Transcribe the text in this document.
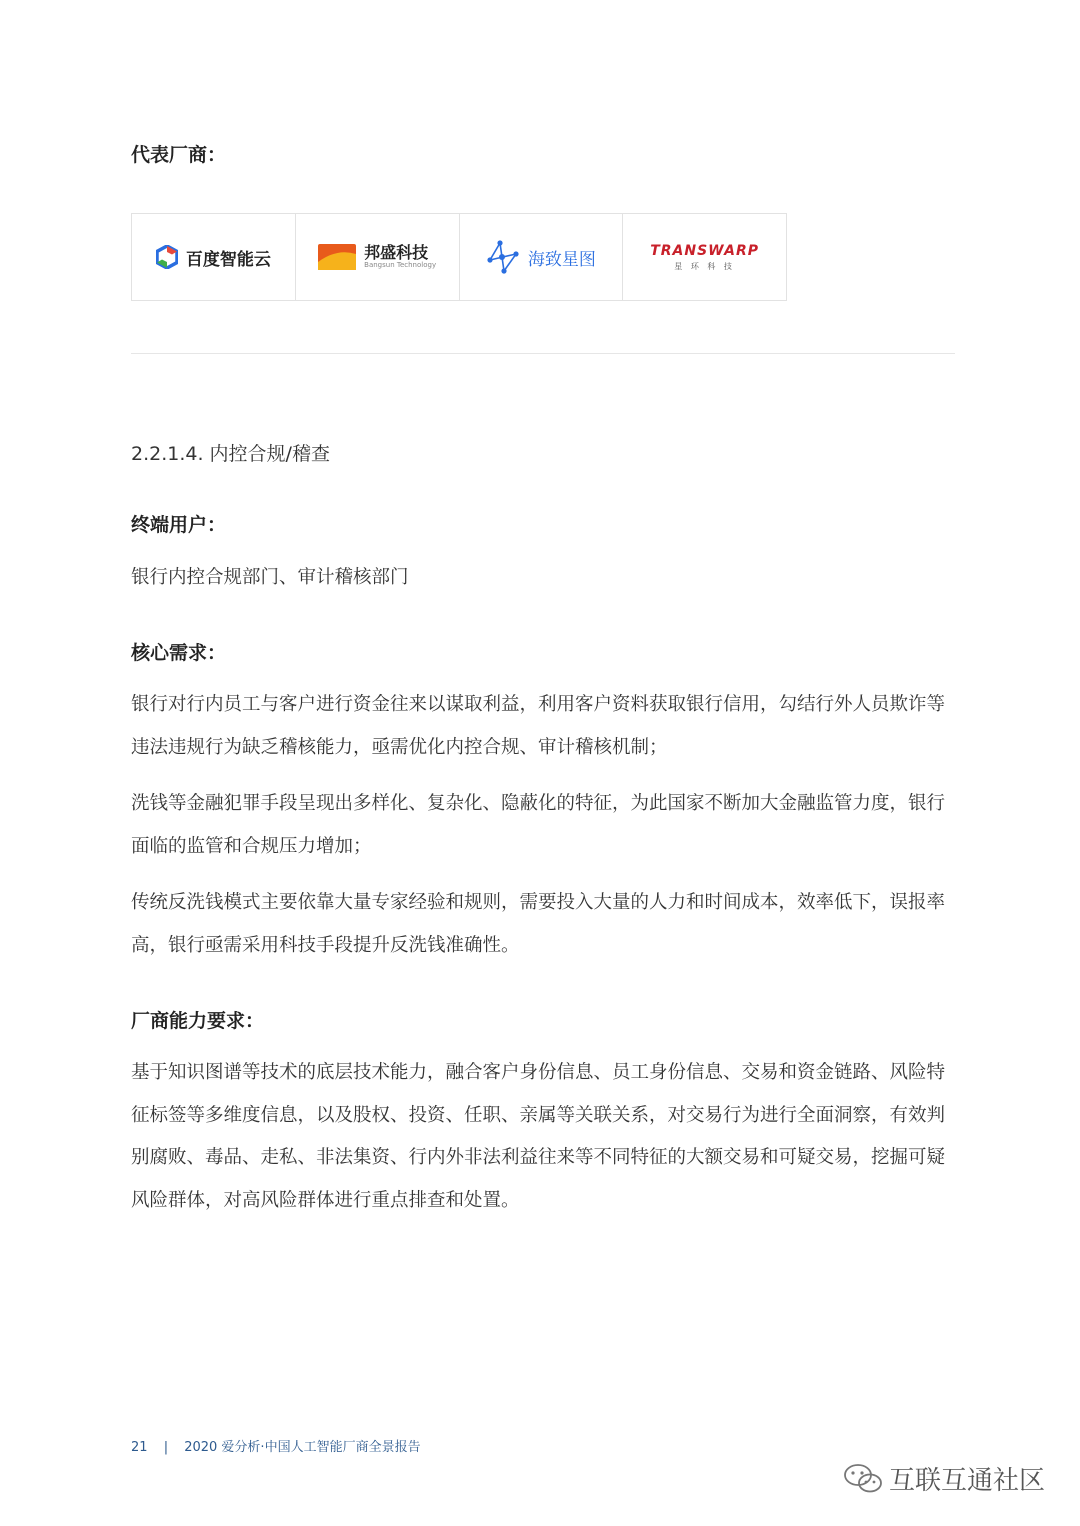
代表厂商：
百度智能云	邦盛科技
Bangsun Technology	海致星图	TRANSWARP
星 环 科 技
2.2.1.4. 内控合规/稽查
终端用户：
银行内控合规部门、审计稽核部门
核心需求：
银行对行内员工与客户进行资金往来以谋取利益，利用客户资料获取银行信用，勾结行外人员欺诈等违法违规行为缺乏稽核能力，亟需优化内控合规、审计稽核机制；
洗钱等金融犯罪手段呈现出多样化、复杂化、隐蔽化的特征，为此国家不断加大金融监管力度，银行面临的监管和合规压力增加；
传统反洗钱模式主要依靠大量专家经验和规则，需要投入大量的人力和时间成本，效率低下，误报率高，银行亟需采用科技手段提升反洗钱准确性。
厂商能力要求：
基于知识图谱等技术的底层技术能力，融合客户身份信息、员工身份信息、交易和资金链路、风险特征标签等多维度信息，以及股权、投资、任职、亲属等关联关系，对交易行为进行全面洞察，有效判别腐败、毒品、走私、非法集资、行内外非法利益往来等不同特征的大额交易和可疑交易，挖掘可疑风险群体，对高风险群体进行重点排查和处置。
21 | 2020 爱分析·中国人工智能厂商全景报告
互联互通社区
